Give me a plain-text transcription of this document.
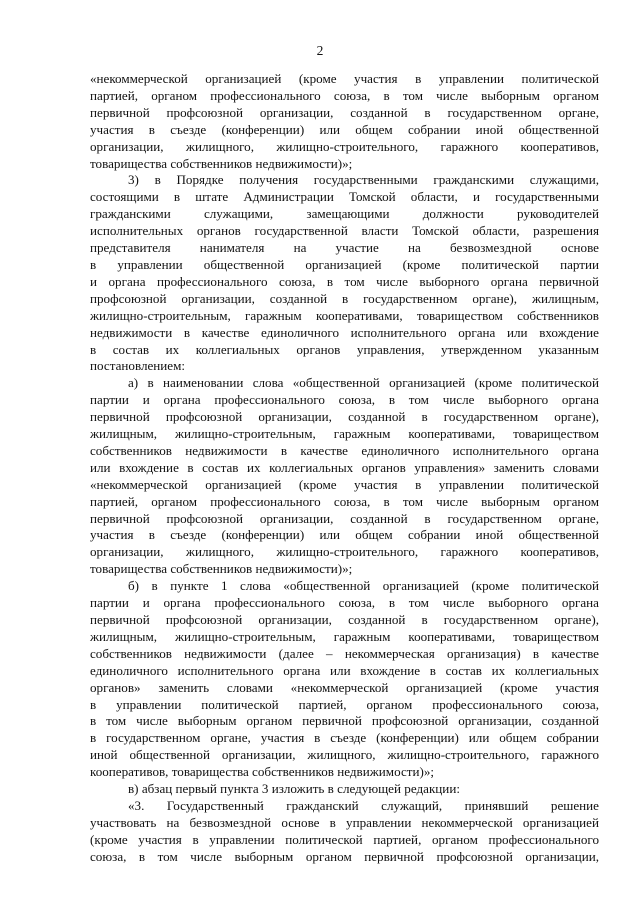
2
«некоммерческой организацией (кроме участия в управлении политической
партией, органом профессионального союза, в том числе выборным органом
первичной профсоюзной организации, созданной в государственном органе,
участия в съезде (конференции) или общем собрании иной общественной
организации, жилищного, жилищно-строительного, гаражного кооперативов,
товарищества собственников недвижимости)»;
3) в Порядке получения государственными гражданскими служащими,
состоящими в штате Администрации Томской области, и государственными
гражданскими служащими, замещающими должности руководителей
исполнительных органов государственной власти Томской области, разрешения
представителя нанимателя на участие на безвозмездной основе
в управлении общественной организацией (кроме политической партии
и органа профессионального союза, в том числе выборного органа первичной
профсоюзной организации, созданной в государственном органе), жилищным,
жилищно-строительным, гаражным кооперативами, товариществом собственников
недвижимости в качестве единоличного исполнительного органа или вхождение
в состав их коллегиальных органов управления, утвержденном указанным
постановлением:
а) в наименовании слова «общественной организацией (кроме политической
партии и органа профессионального союза, в том числе выборного органа
первичной профсоюзной организации, созданной в государственном органе),
жилищным, жилищно-строительным, гаражным кооперативами, товариществом
собственников недвижимости в качестве единоличного исполнительного органа
или вхождение в состав их коллегиальных органов управления» заменить словами
«некоммерческой организацией (кроме участия в управлении политической
партией, органом профессионального союза, в том числе выборным органом
первичной профсоюзной организации, созданной в государственном органе,
участия в съезде (конференции) или общем собрании иной общественной
организации, жилищного, жилищно-строительного, гаражного кооперативов,
товарищества собственников недвижимости)»;
б) в пункте 1 слова «общественной организацией (кроме политической
партии и органа профессионального союза, в том числе выборного органа
первичной профсоюзной организации, созданной в государственном органе),
жилищным, жилищно-строительным, гаражным кооперативами, товариществом
собственников недвижимости (далее – некоммерческая организация) в качестве
единоличного исполнительного органа или вхождение в состав их коллегиальных
органов» заменить словами «некоммерческой организацией (кроме участия
в управлении политической партией, органом профессионального союза,
в том числе выборным органом первичной профсоюзной организации, созданной
в государственном органе, участия в съезде (конференции) или общем собрании
иной общественной организации, жилищного, жилищно-строительного, гаражного
кооперативов, товарищества собственников недвижимости)»;
в) абзац первый пункта 3 изложить в следующей редакции:
«3. Государственный гражданский служащий, принявший решение
участвовать на безвозмездной основе в управлении некоммерческой организацией
(кроме участия в управлении политической партией, органом профессионального
союза, в том числе выборным органом первичной профсоюзной организации,
